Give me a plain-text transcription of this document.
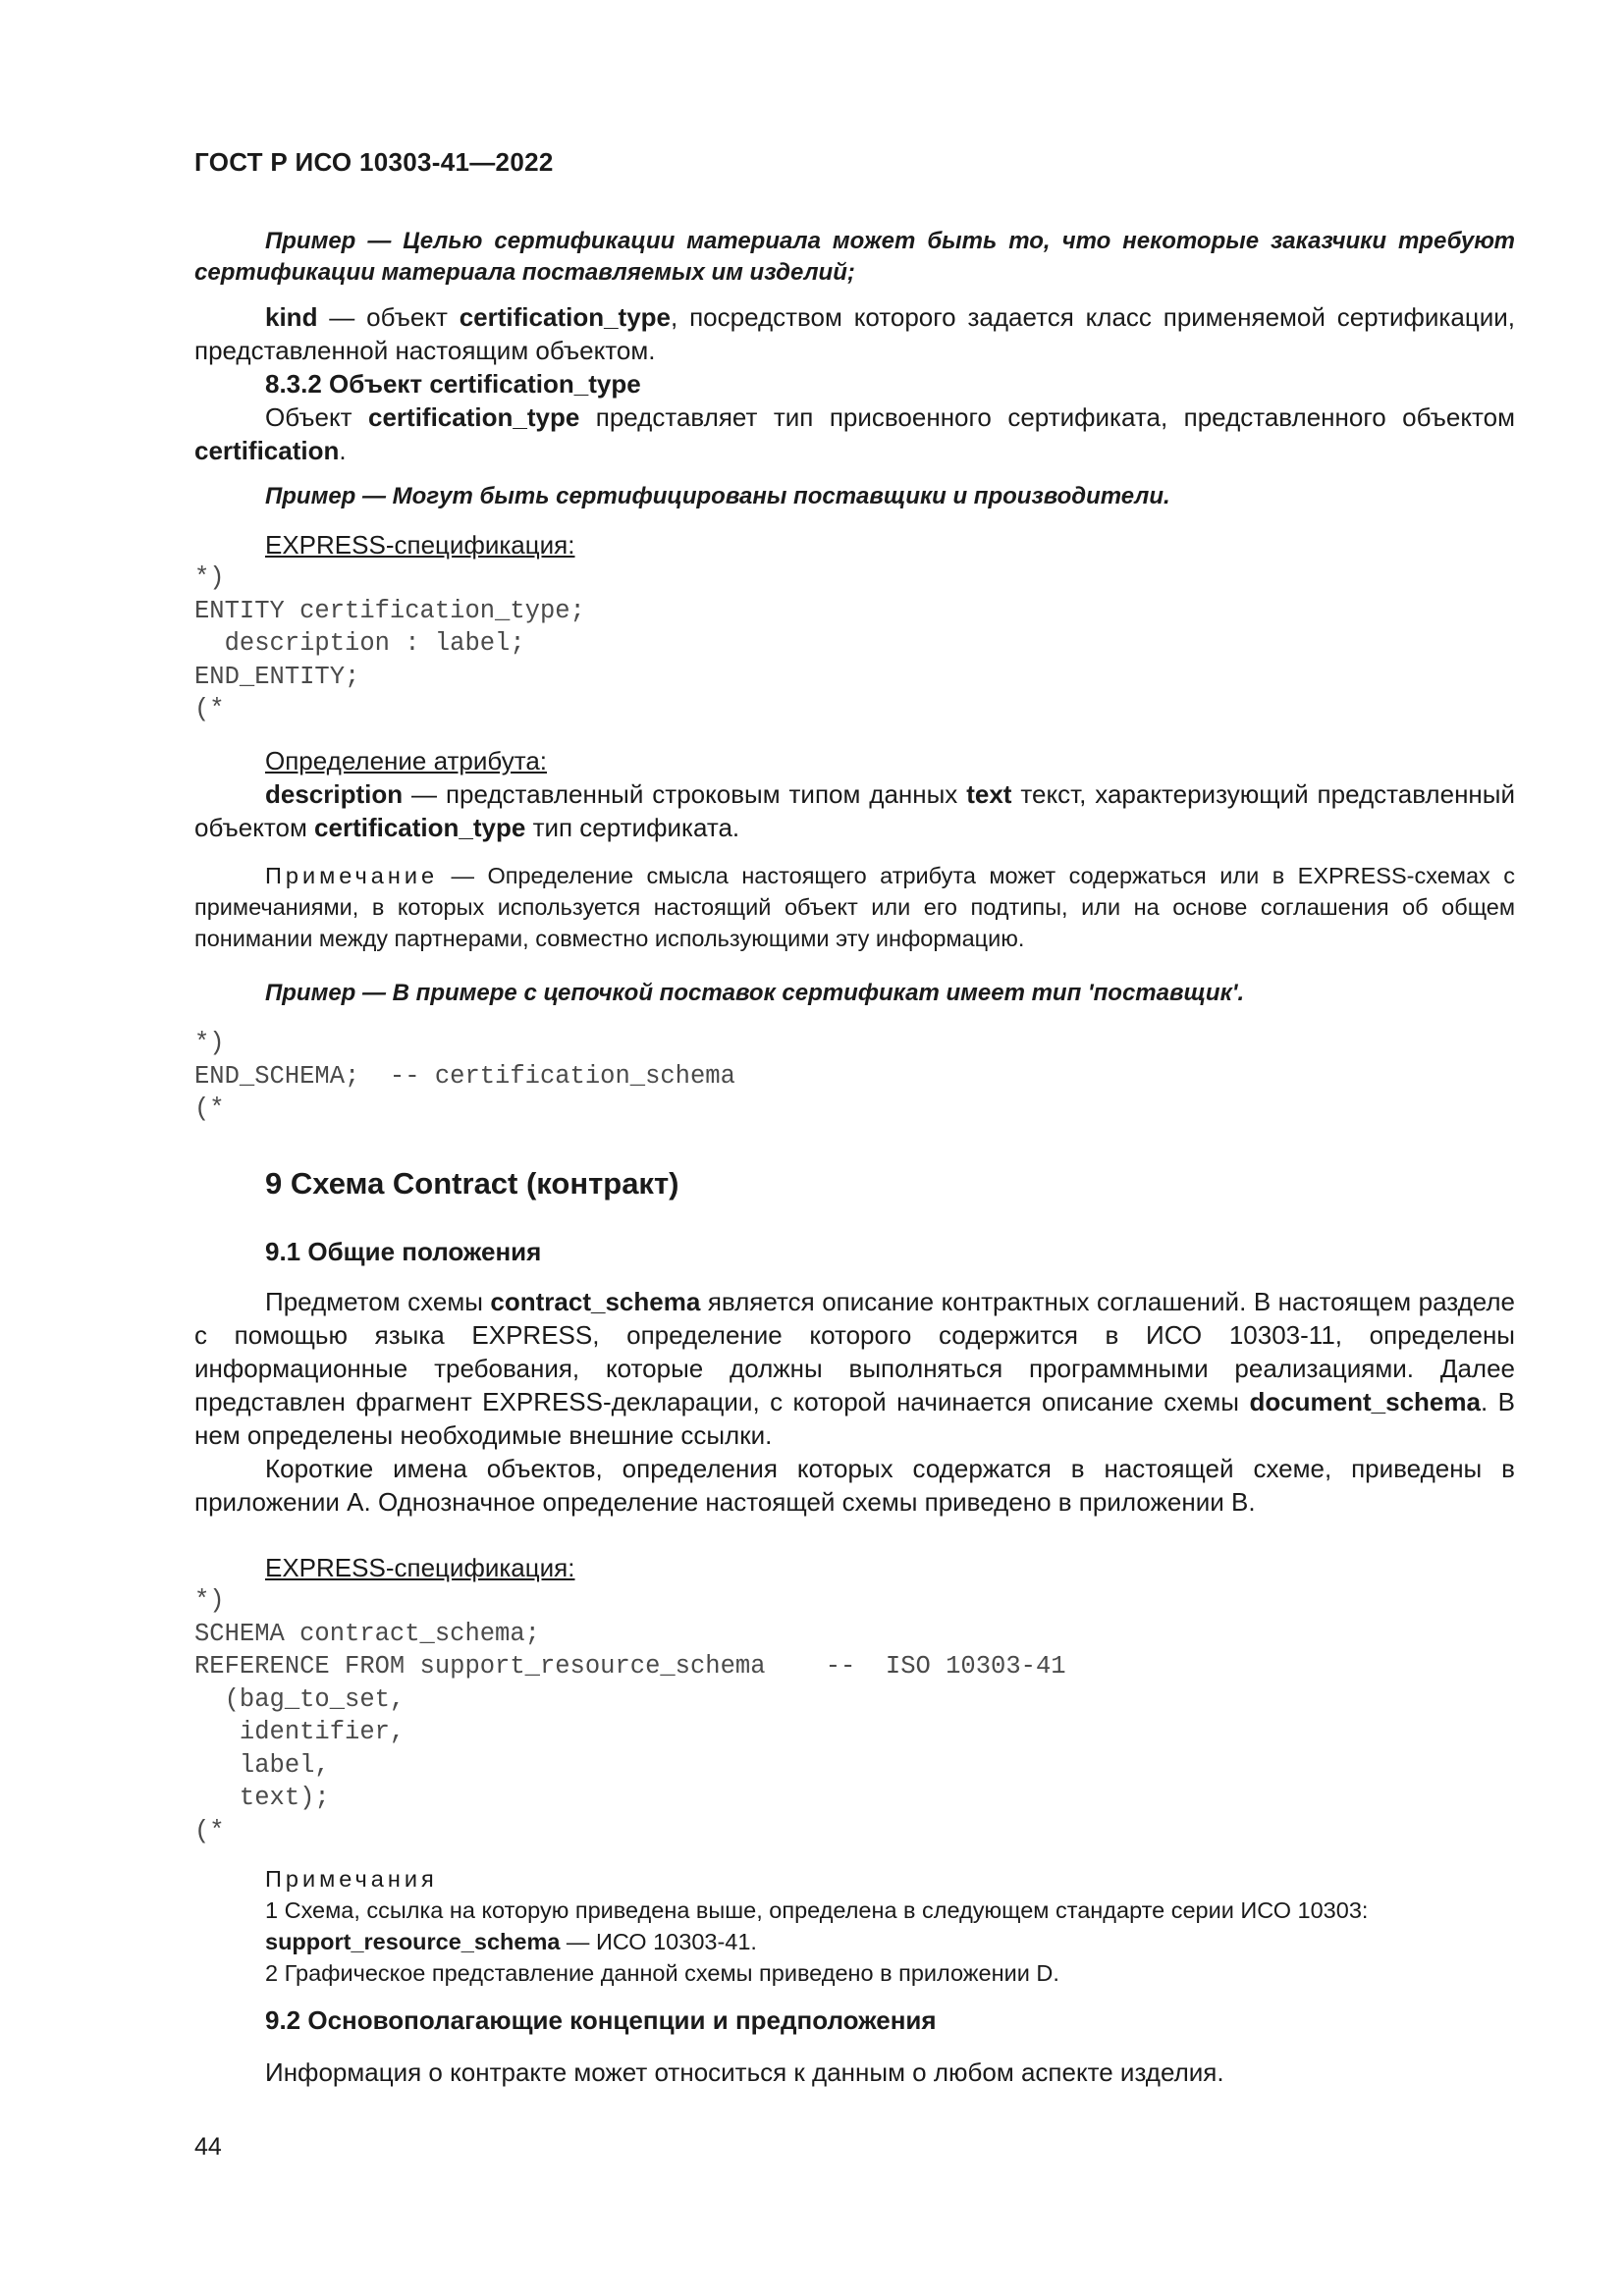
ГОСТ Р ИСО 10303-41—2022

Пример — Целью сертификации материала может быть то, что некоторые заказчики требуют сертификации материала поставляемых им изделий;

kind — объект certification_type, посредством которого задается класс применяемой сертификации, представленной настоящим объектом.

8.3.2 Объект certification_type

Объект certification_type представляет тип присвоенного сертификата, представленного объектом certification.

Пример — Могут быть сертифицированы поставщики и производители.

EXPRESS-спецификация:
*)
ENTITY certification_type;
description : label;
END_ENTITY;
(*
Определение атрибута:

description — представленный строковым типом данных text текст, характеризующий представленный объектом certification_type тип сертификата.

Примечание — Определение смысла настоящего атрибута может содержаться или в EXPRESS-схемах с примечаниями, в которых используется настоящий объект или его подтипы, или на основе соглашения об общем понимании между партнерами, совместно использующими эту информацию.

Пример — В примере с цепочкой поставок сертификат имеет тип 'поставщик'.

*)
END_SCHEMA;  -- certification_schema
(*
9 Схема Contract (контракт)
9.1 Общие положения

Предметом схемы contract_schema является описание контрактных соглашений. В настоящем разделе с помощью языка EXPRESS, определение которого содержится в ИСО 10303-11, определены информационные требования, которые должны выполняться программными реализациями. Далее представлен фрагмент EXPRESS-декларации, с которой начинается описание схемы document_schema. В нем определены необходимые внешние ссылки.

Короткие имена объектов, определения которых содержатся в настоящей схеме, приведены в приложении А. Однозначное определение настоящей схемы приведено в приложении В.

EXPRESS-спецификация:
*)
SCHEMA contract_schema;
REFERENCE FROM support_resource_schema    --  ISO 10303-41
(bag_to_set,
identifier,
label,
text);
(*
Примечания
1 Схема, ссылка на которую приведена выше, определена в следующем стандарте серии ИСО 10303:
support_resource_schema — ИСО 10303-41.
2 Графическое представление данной схемы приведено в приложении D.
9.2 Основополагающие концепции и предположения

Информация о контракте может относиться к данным о любом аспекте изделия.

44
